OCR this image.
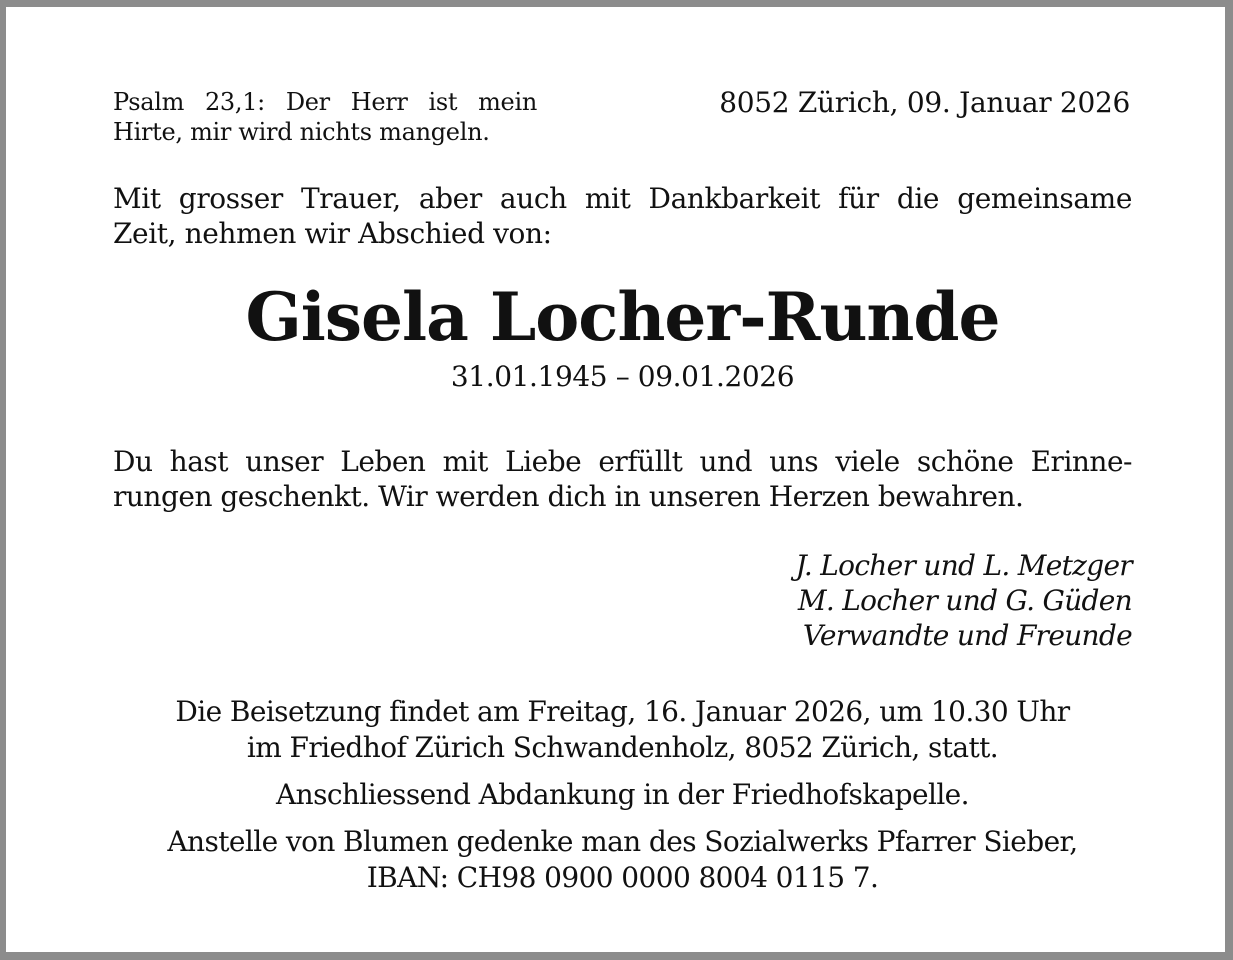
Psalm 23,1: Der Herr ist mein
Hirte, mir wird nichts mangeln.
8052 Zürich, 09. Januar 2026
Mit grosser Trauer, aber auch mit Dankbarkeit für die gemeinsame
Zeit, nehmen wir Abschied von:
Gisela Locher-Runde
31.01.1945 – 09.01.2026
Du hast unser Leben mit Liebe erfüllt und uns viele schöne Erinne-
rungen geschenkt. Wir werden dich in unseren Herzen bewahren.
J. Locher und L. Metzger
M. Locher und G. Güden
Verwandte und Freunde
Die Beisetzung findet am Freitag, 16. Januar 2026, um 10.30 Uhr
im Friedhof Zürich Schwandenholz, 8052 Zürich, statt.
Anschliessend Abdankung in der Friedhofskapelle.
Anstelle von Blumen gedenke man des Sozialwerks Pfarrer Sieber,
IBAN: CH98 0900 0000 8004 0115 7.
